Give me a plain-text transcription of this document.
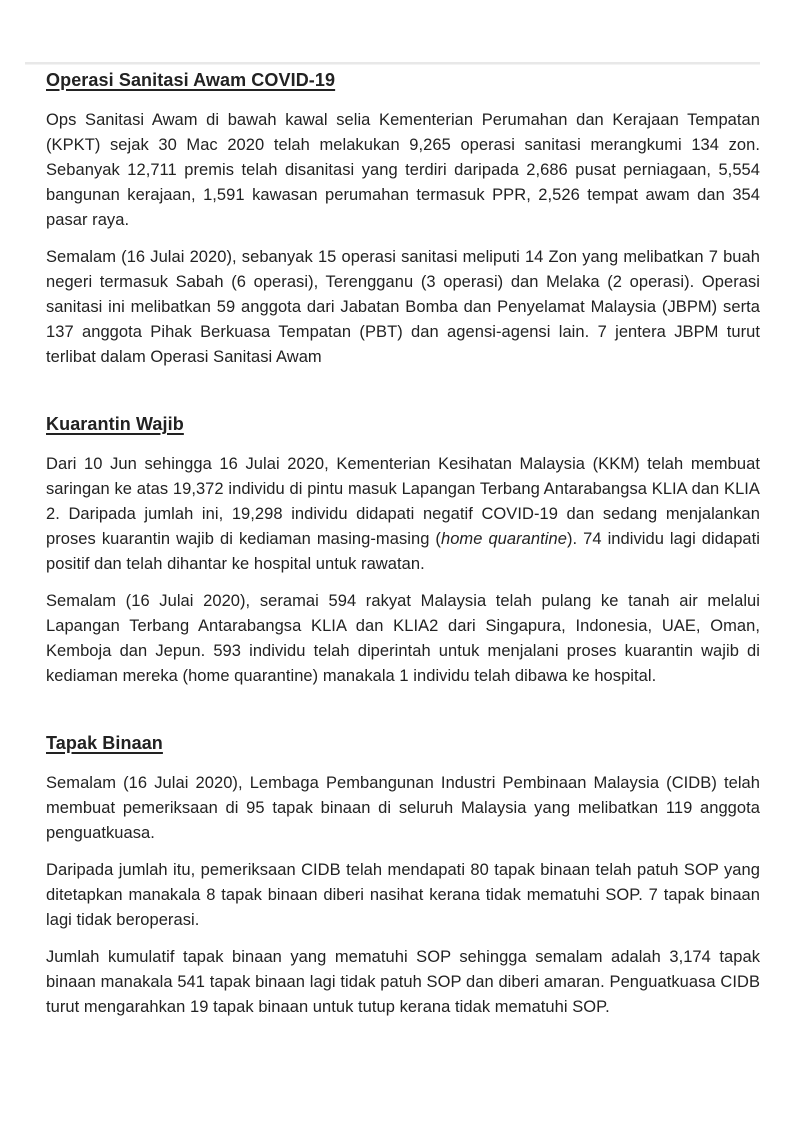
Operasi Sanitasi Awam COVID-19

Ops Sanitasi Awam di bawah kawal selia Kementerian Perumahan dan Kerajaan Tempatan (KPKT) sejak 30 Mac 2020 telah melakukan 9,265 operasi sanitasi merangkumi 134 zon. Sebanyak 12,711 premis telah disanitasi yang terdiri daripada 2,686 pusat perniagaan, 5,554 bangunan kerajaan, 1,591 kawasan perumahan termasuk PPR, 2,526 tempat awam dan 354 pasar raya.

Semalam (16 Julai 2020), sebanyak 15 operasi sanitasi meliputi 14 Zon yang melibatkan 7 buah negeri termasuk Sabah (6 operasi), Terengganu (3 operasi) dan Melaka (2 operasi). Operasi sanitasi ini melibatkan 59 anggota dari Jabatan Bomba dan Penyelamat Malaysia (JBPM) serta 137 anggota Pihak Berkuasa Tempatan (PBT) dan agensi-agensi lain. 7 jentera JBPM turut terlibat dalam Operasi Sanitasi Awam

Kuarantin Wajib

Dari 10 Jun sehingga 16 Julai 2020, Kementerian Kesihatan Malaysia (KKM) telah membuat saringan ke atas 19,372 individu di pintu masuk Lapangan Terbang Antarabangsa KLIA dan KLIA 2. Daripada jumlah ini, 19,298 individu didapati negatif COVID-19 dan sedang menjalankan proses kuarantin wajib di kediaman masing-masing (home quarantine). 74 individu lagi didapati positif dan telah dihantar ke hospital untuk rawatan.

Semalam (16 Julai 2020), seramai 594 rakyat Malaysia telah pulang ke tanah air melalui Lapangan Terbang Antarabangsa KLIA dan KLIA2 dari Singapura, Indonesia, UAE, Oman, Kemboja dan Jepun. 593 individu telah diperintah untuk menjalani proses kuarantin wajib di kediaman mereka (home quarantine) manakala 1 individu telah dibawa ke hospital.

Tapak Binaan

Semalam (16 Julai 2020), Lembaga Pembangunan Industri Pembinaan Malaysia (CIDB) telah membuat pemeriksaan di 95 tapak binaan di seluruh Malaysia yang melibatkan 119 anggota penguatkuasa.

Daripada jumlah itu, pemeriksaan CIDB telah mendapati 80 tapak binaan telah patuh SOP yang ditetapkan manakala 8 tapak binaan diberi nasihat kerana tidak mematuhi SOP. 7 tapak binaan lagi tidak beroperasi.

Jumlah kumulatif tapak binaan yang mematuhi SOP sehingga semalam adalah 3,174 tapak binaan manakala 541 tapak binaan lagi tidak patuh SOP dan diberi amaran. Penguatkuasa CIDB turut mengarahkan 19 tapak binaan untuk tutup kerana tidak mematuhi SOP.
